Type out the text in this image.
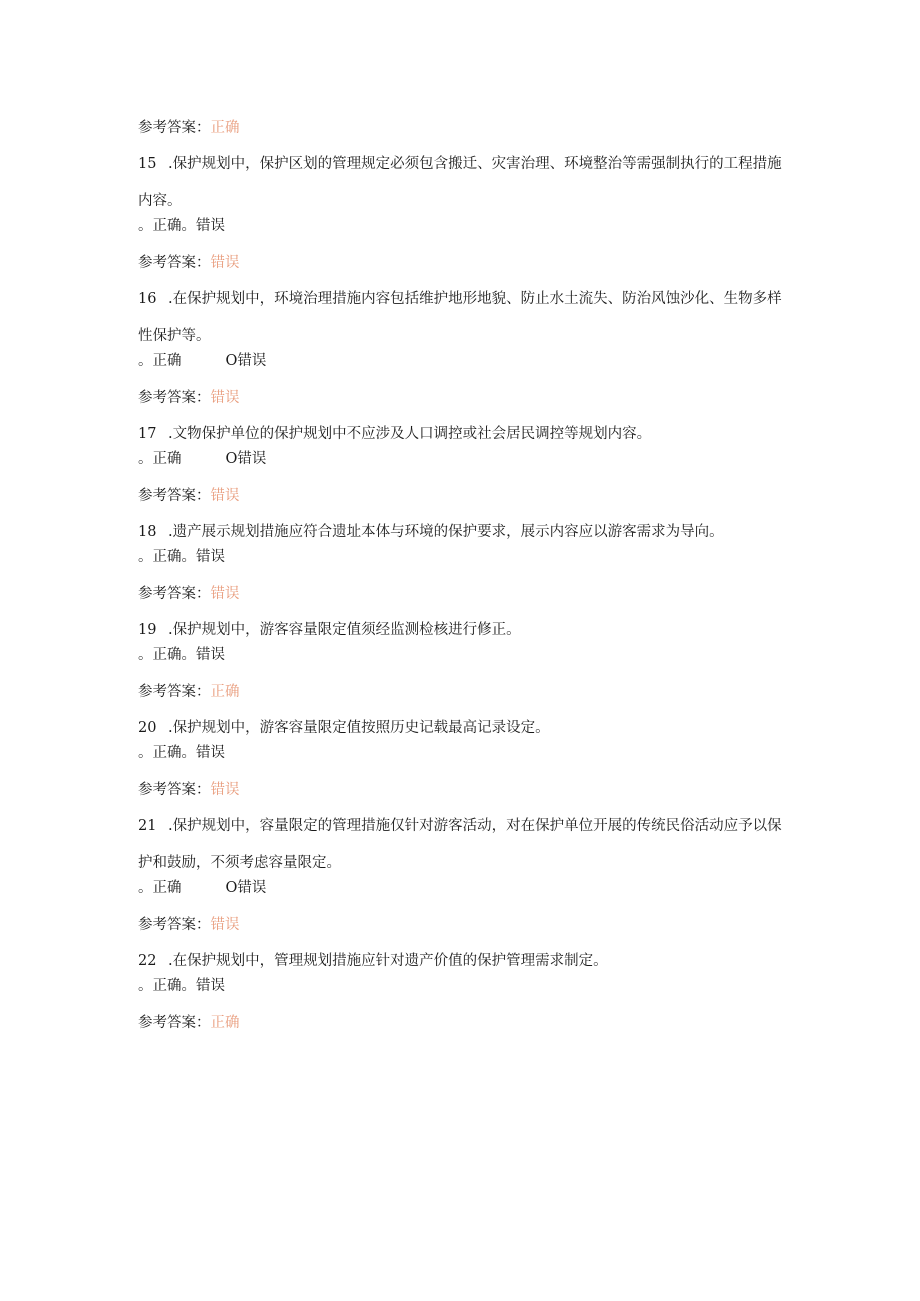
参考答案：正确

15 .保护规划中，保护区划的管理规定必须包含搬迁、灾害治理、环境整治等需强制执行的工程措施内容。

。正确。错误

参考答案：错误

16 .在保护规划中，环境治理措施内容包括维护地形地貌、防止水土流失、防治风蚀沙化、生物多样性保护等。

。正确	O错误

参考答案：错误

17 .文物保护单位的保护规划中不应涉及人口调控或社会居民调控等规划内容。

。正确	O错误

参考答案：错误

18 .遗产展示规划措施应符合遗址本体与环境的保护要求，展示内容应以游客需求为导向。

。正确。错误

参考答案：错误

19 .保护规划中，游客容量限定值须经监测检核进行修正。

。正确。错误

参考答案：正确

20 .保护规划中，游客容量限定值按照历史记载最高记录设定。

。正确。错误

参考答案：错误

21 .保护规划中，容量限定的管理措施仅针对游客活动，对在保护单位开展的传统民俗活动应予以保护和鼓励，不须考虑容量限定。

。正确	O错误

参考答案：错误

22 .在保护规划中，管理规划措施应针对遗产价值的保护管理需求制定。

。正确。错误

参考答案：正确
